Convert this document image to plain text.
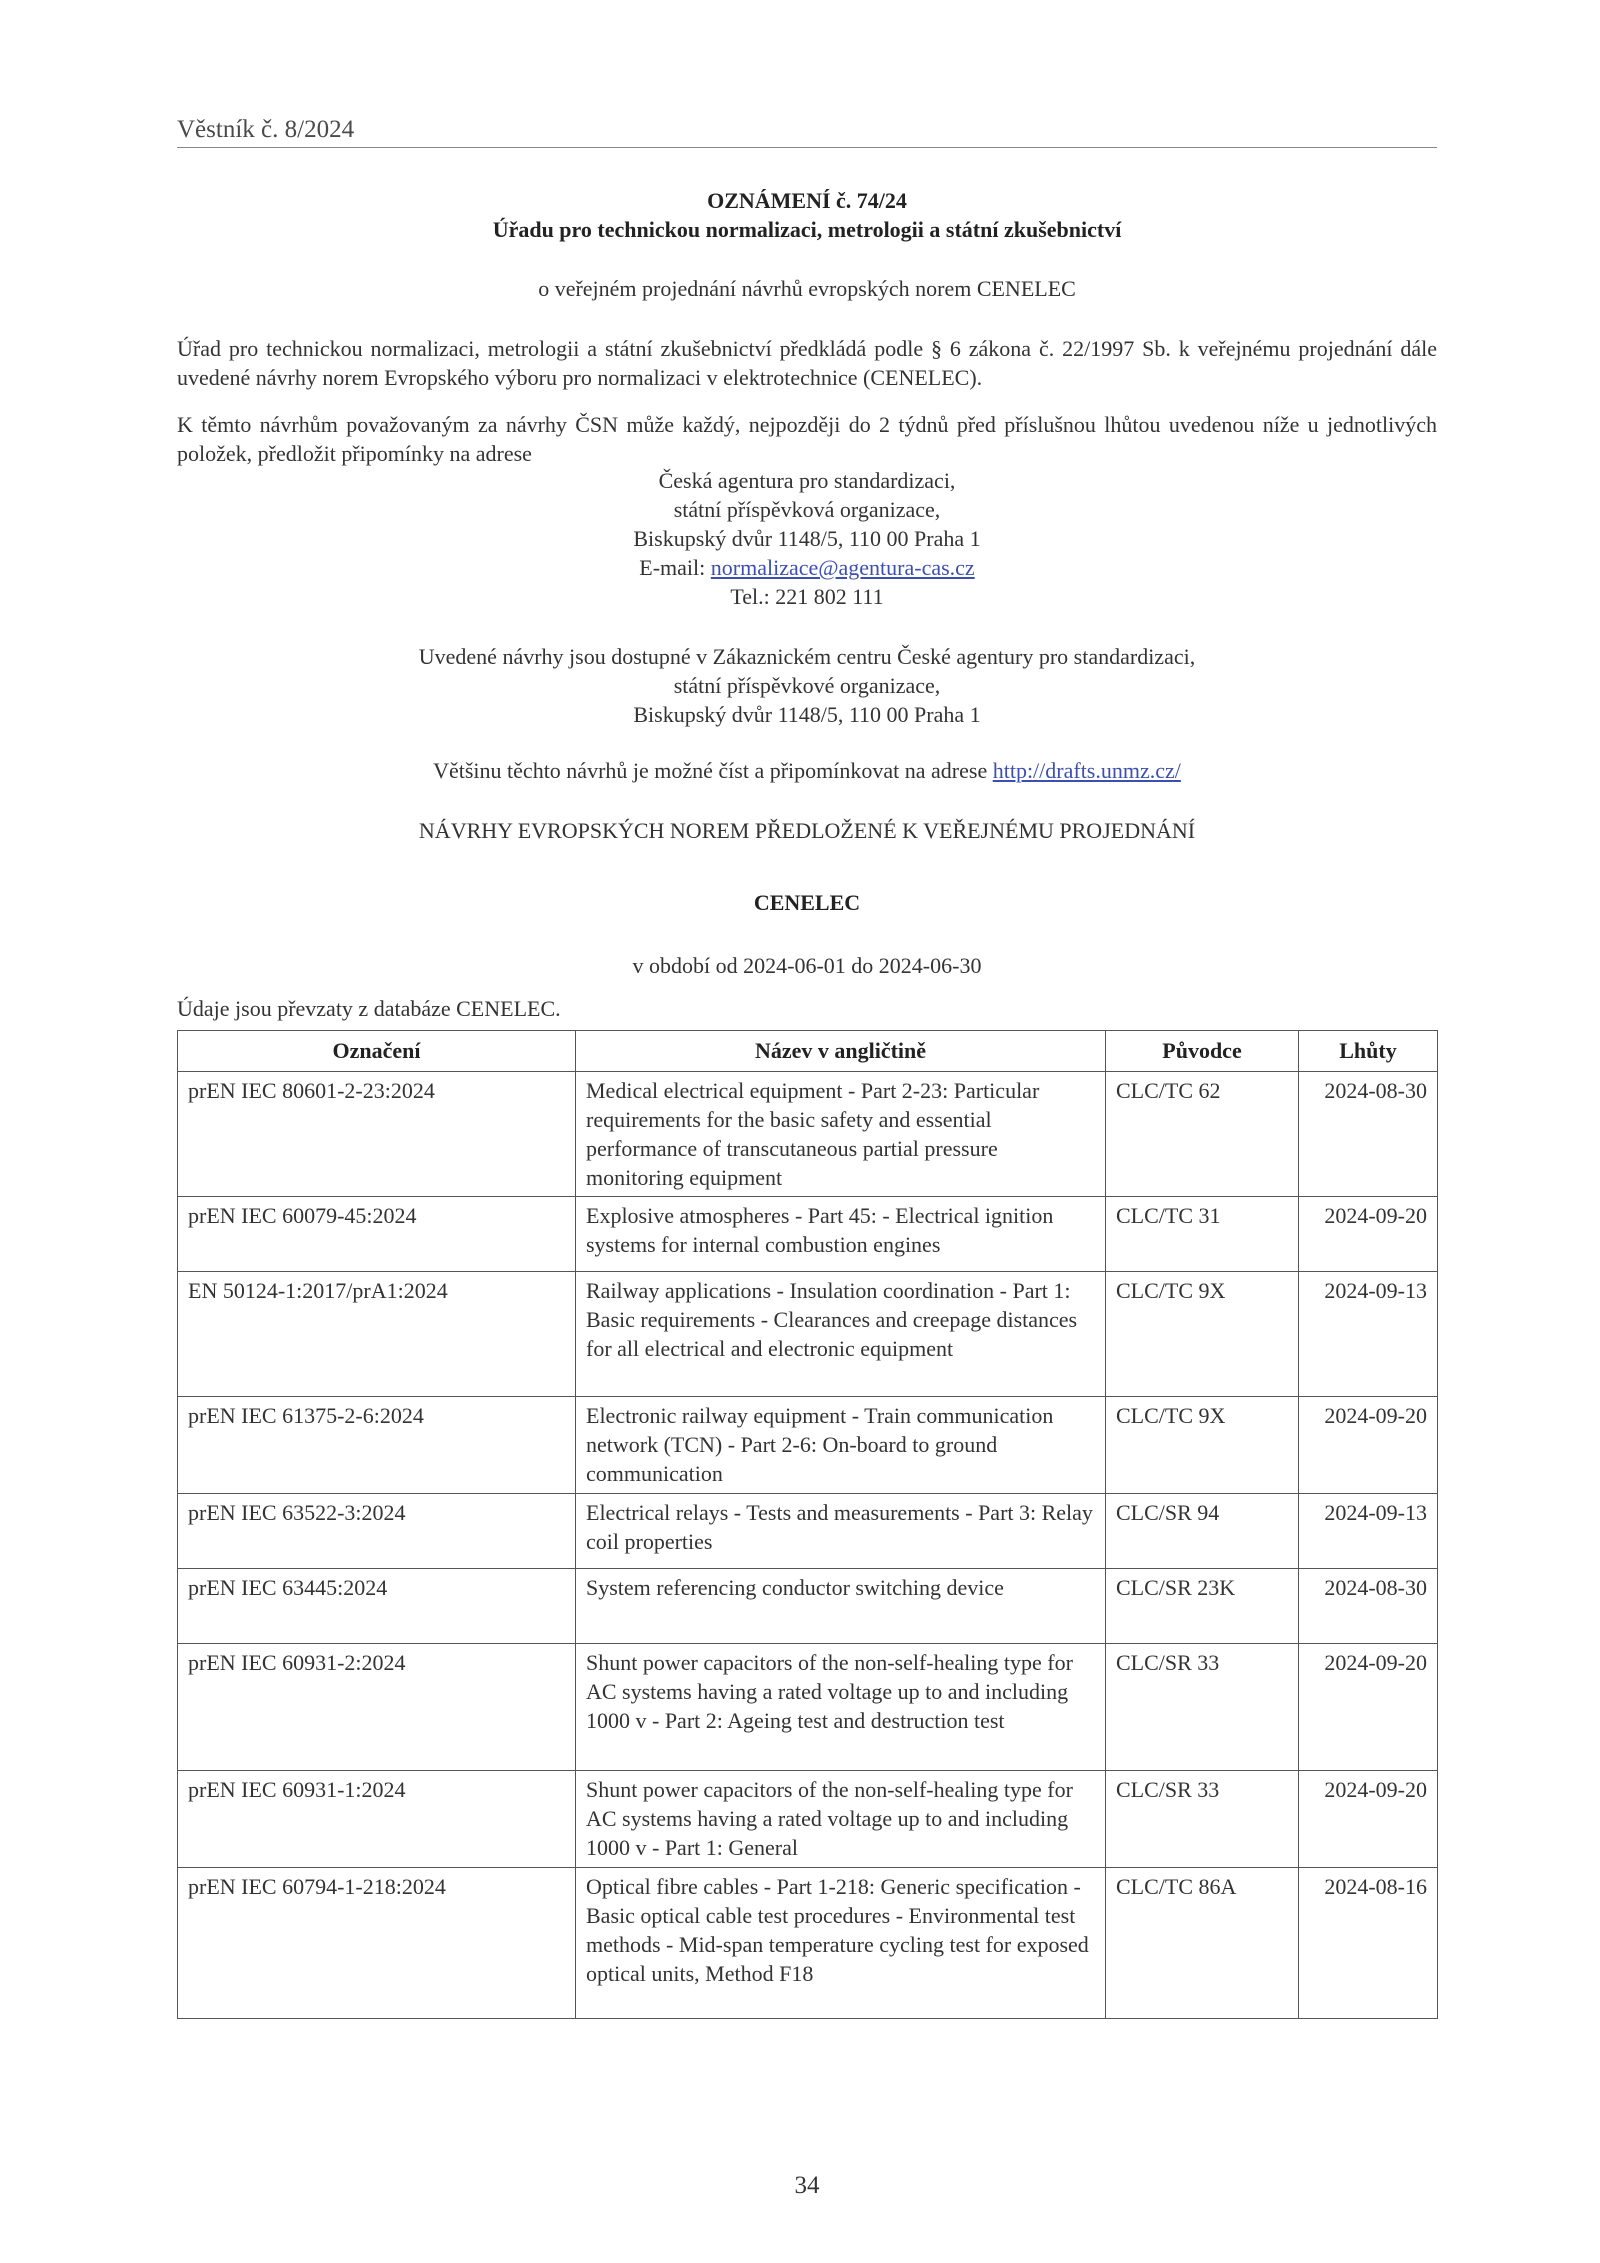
Věstník č. 8/2024
OZNÁMENÍ č. 74/24
Úřadu pro technickou normalizaci, metrologii a státní zkušebnictví
o veřejném projednání návrhů evropských norem CENELEC
Úřad pro technickou normalizaci, metrologii a státní zkušebnictví předkládá podle § 6 zákona č. 22/1997 Sb. k veřejnému projednání dále uvedené návrhy norem Evropského výboru pro normalizaci v elektrotechnice (CENELEC).
K těmto návrhům považovaným za návrhy ČSN může každý, nejpozději do 2 týdnů před příslušnou lhůtou uvedenou níže u jednotlivých položek, předložit připomínky na adrese
Česká agentura pro standardizaci,
státní příspěvková organizace,
Biskupský dvůr 1148/5, 110 00 Praha 1
E-mail: normalizace@agentura-cas.cz
Tel.: 221 802 111
Uvedené návrhy jsou dostupné v Zákaznickém centru České agentury pro standardizaci,
státní příspěvkové organizace,
Biskupský dvůr 1148/5, 110 00 Praha 1
Většinu těchto návrhů je možné číst a připomínkovat na adrese http://drafts.unmz.cz/
NÁVRHY EVROPSKÝCH NOREM PŘEDLOŽENÉ K VEŘEJNÉMU PROJEDNÁNÍ
CENELEC
v období od 2024-06-01 do 2024-06-30
Údaje jsou převzaty z databáze CENELEC.
Označení	Název v angličtině	Původce	Lhůty
prEN IEC 80601-2-23:2024	Medical electrical equipment - Part 2-23: Particular requirements for the basic safety and essential performance of transcutaneous partial pressure monitoring equipment	CLC/TC 62	2024-08-30
prEN IEC 60079-45:2024	Explosive atmospheres - Part 45: - Electrical ignition systems for internal combustion engines	CLC/TC 31	2024-09-20
EN 50124-1:2017/prA1:2024	Railway applications - Insulation coordination - Part 1: Basic requirements - Clearances and creepage distances for all electrical and electronic equipment	CLC/TC 9X	2024-09-13
prEN IEC 61375-2-6:2024	Electronic railway equipment - Train communication network (TCN) - Part 2-6: On-board to ground communication	CLC/TC 9X	2024-09-20
prEN IEC 63522-3:2024	Electrical relays - Tests and measurements - Part 3: Relay coil properties	CLC/SR 94	2024-09-13
prEN IEC 63445:2024	System referencing conductor switching device	CLC/SR 23K	2024-08-30
prEN IEC 60931-2:2024	Shunt power capacitors of the non-self-healing type for AC systems having a rated voltage up to and including 1000 v - Part 2: Ageing test and destruction test	CLC/SR 33	2024-09-20
prEN IEC 60931-1:2024	Shunt power capacitors of the non-self-healing type for AC systems having a rated voltage up to and including 1000 v - Part 1: General	CLC/SR 33	2024-09-20
prEN IEC 60794-1-218:2024	Optical fibre cables - Part 1-218: Generic specification - Basic optical cable test procedures - Environmental test methods - Mid-span temperature cycling test for exposed optical units, Method F18	CLC/TC 86A	2024-08-16
34
